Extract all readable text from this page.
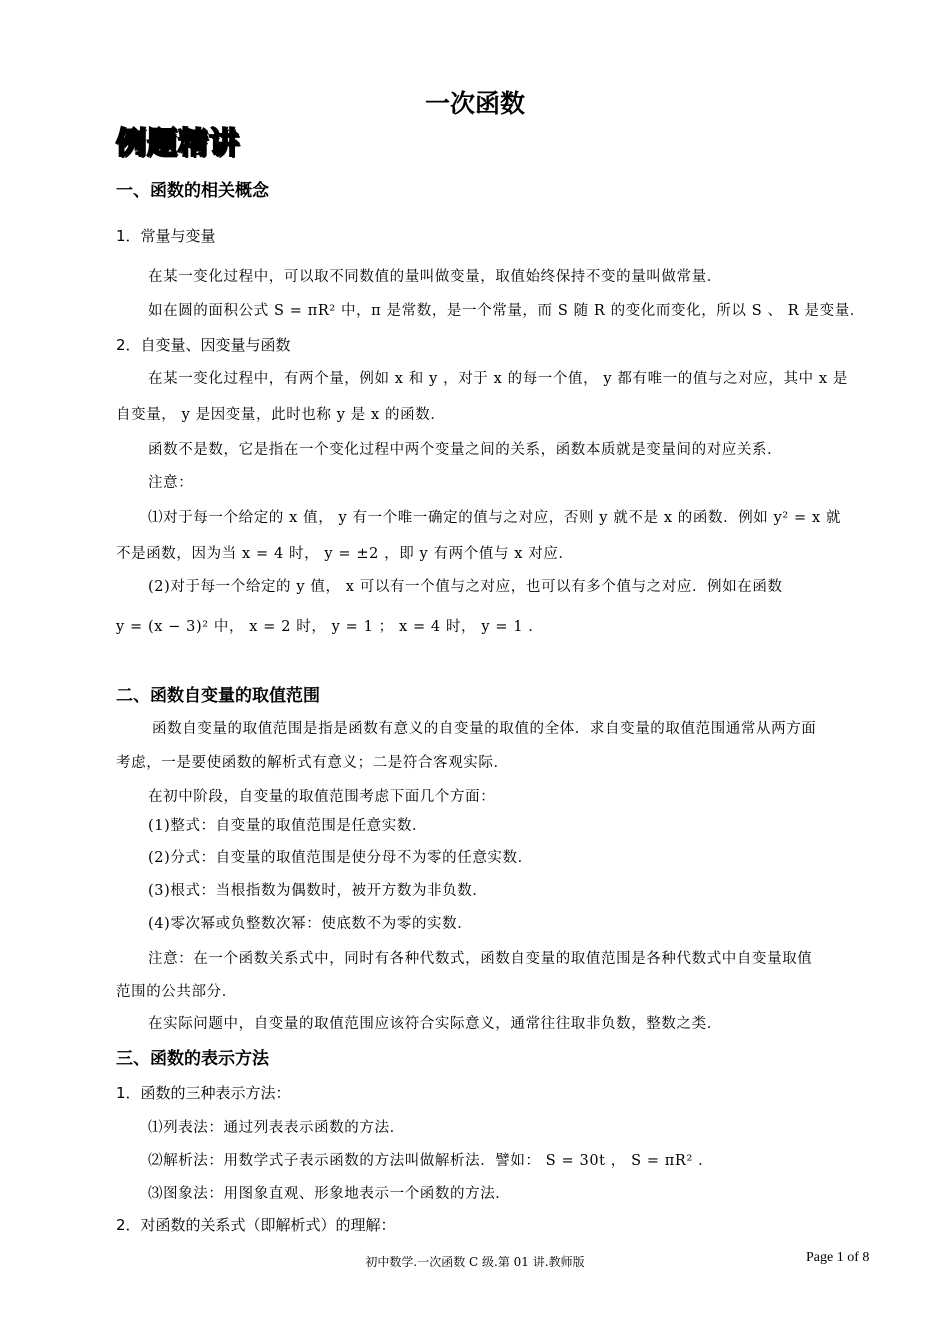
一次函数
例题精讲
一、函数的相关概念
1．常量与变量
在某一变化过程中，可以取不同数值的量叫做变量，取值始终保持不变的量叫做常量．
如在圆的面积公式 S = πR² 中，π 是常数，是一个常量，而 S 随 R 的变化而变化，所以 S 、 R 是变量．
2．自变量、因变量与函数
在某一变化过程中，有两个量，例如 x 和 y ，对于 x 的每一个值， y 都有唯一的值与之对应，其中 x 是
自变量， y 是因变量，此时也称 y 是 x 的函数．
函数不是数，它是指在一个变化过程中两个变量之间的关系，函数本质就是变量间的对应关系．
注意：
⑴对于每一个给定的 x 值， y 有一个唯一确定的值与之对应，否则 y 就不是 x 的函数．例如 y² = x 就
不是函数，因为当 x = 4 时， y = ±2 ，即 y 有两个值与 x 对应．
(2)对于每一个给定的 y 值， x 可以有一个值与之对应，也可以有多个值与之对应．例如在函数
y = (x − 3)² 中， x = 2 时， y = 1 ； x = 4 时， y = 1 ．
二、函数自变量的取值范围
函数自变量的取值范围是指是函数有意义的自变量的取值的全体．求自变量的取值范围通常从两方面
考虑，一是要使函数的解析式有意义；二是符合客观实际．
在初中阶段，自变量的取值范围考虑下面几个方面：
(1)整式：自变量的取值范围是任意实数．
(2)分式：自变量的取值范围是使分母不为零的任意实数．
(3)根式：当根指数为偶数时，被开方数为非负数．
(4)零次幂或负整数次幂：使底数不为零的实数．
注意：在一个函数关系式中，同时有各种代数式，函数自变量的取值范围是各种代数式中自变量取值
范围的公共部分．
在实际问题中，自变量的取值范围应该符合实际意义，通常往往取非负数，整数之类．
三、函数的表示方法
1．函数的三种表示方法：
⑴列表法：通过列表表示函数的方法．
⑵解析法：用数学式子表示函数的方法叫做解析法．譬如： S = 30t ， S = πR² ．
⑶图象法：用图象直观、形象地表示一个函数的方法．
2．对函数的关系式（即解析式）的理解：
初中数学.一次函数 C 级.第 01 讲.教师版	Page 1 of 8
